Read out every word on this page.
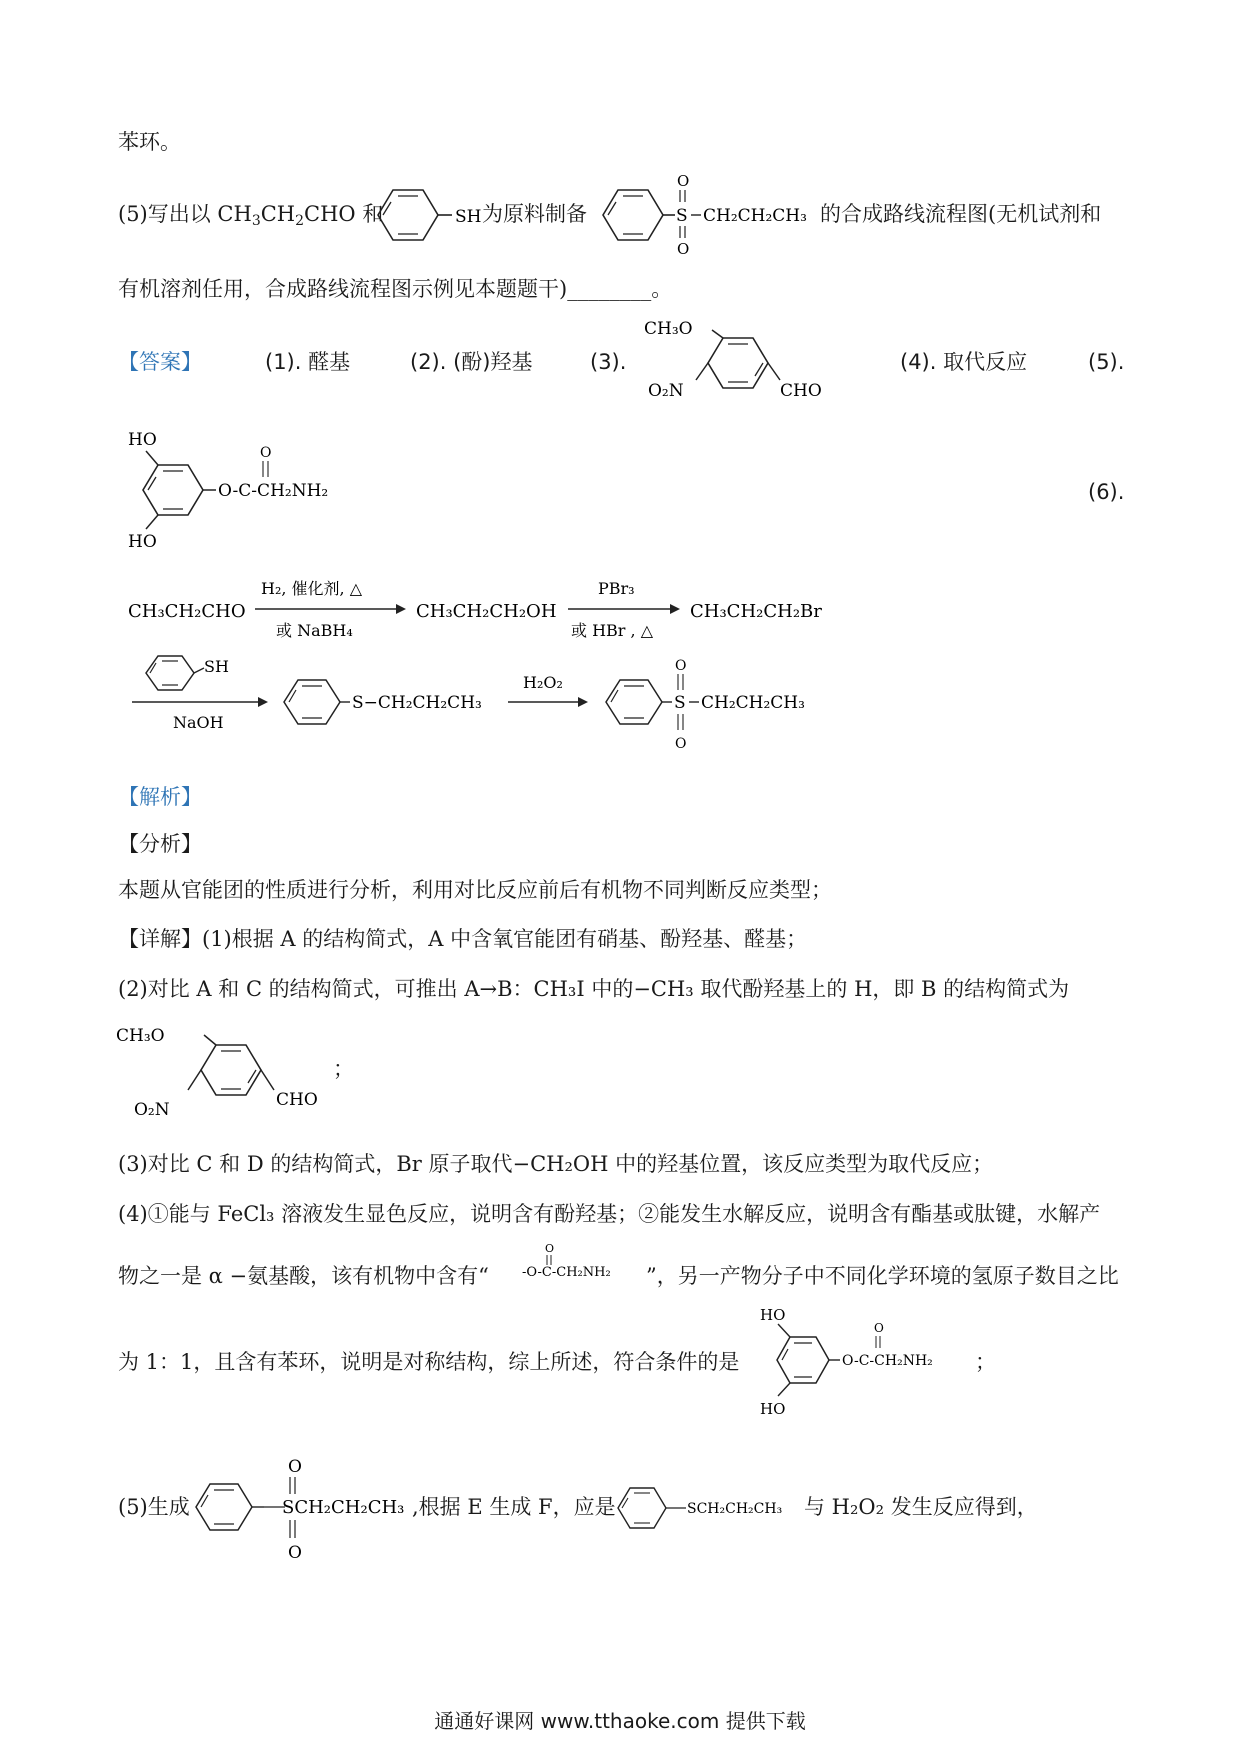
苯环。
(5)写出以 $CH_3CH_2CHO$ 和	SH 为原料制备	S
O
O
CH₂CH₂CH₃ 的合成路线流程图(无机试剂和
有机溶剂任用，合成路线流程图示例见本题题干)________。
【答案】	(1). 醛基	(2). (酚)羟基	(3).
CH₃O
O₂N	CHO
(4). 取代反应	(5).
HO
HO
O-C-CH₂NH₂
O
(6).
CH₃CH₂CHO
H₂, 催化剂, △
或 NaBH₄
CH₃CH₂CH₂OH
PBr₃
或 HBr , △
CH₃CH₂CH₂Br
SH
NaOH
S−CH₂CH₂CH₃
H₂O₂
S
O
O
CH₂CH₂CH₃
【解析】
【分析】
本题从官能团的性质进行分析，利用对比反应前后有机物不同判断反应类型；
【详解】(1)根据 A 的结构简式，A 中含氧官能团有硝基、酚羟基、醛基；
(2)对比 A 和 C 的结构简式，可推出 A→B：CH₃I 中的−CH₃ 取代酚羟基上的 H，即 B 的结构简式为
CH₃O
O₂N	CHO
；
(3)对比 C 和 D 的结构简式，Br 原子取代−CH₂OH 中的羟基位置，该反应类型为取代反应；
(4)①能与 FeCl₃ 溶液发生显色反应，说明含有酚羟基；②能发生水解反应，说明含有酯基或肽键，水解产
物之一是 α −氨基酸，该有机物中含有“	-O-C-CH₂NH₂
O
”，另一产物分子中不同化学环境的氢原子数目之比
为 1：1，且含有苯环，说明是对称结构，综上所述，符合条件的是
HO
HO
O-C-CH₂NH₂
O
；
(5)生成
O
O
SCH₂CH₂CH₃ ,根据 E 生成 F，应是	SCH₂CH₂CH₃ 与 H₂O₂ 发生反应得到，
通通好课网 www.tthaoke.com 提供下载
